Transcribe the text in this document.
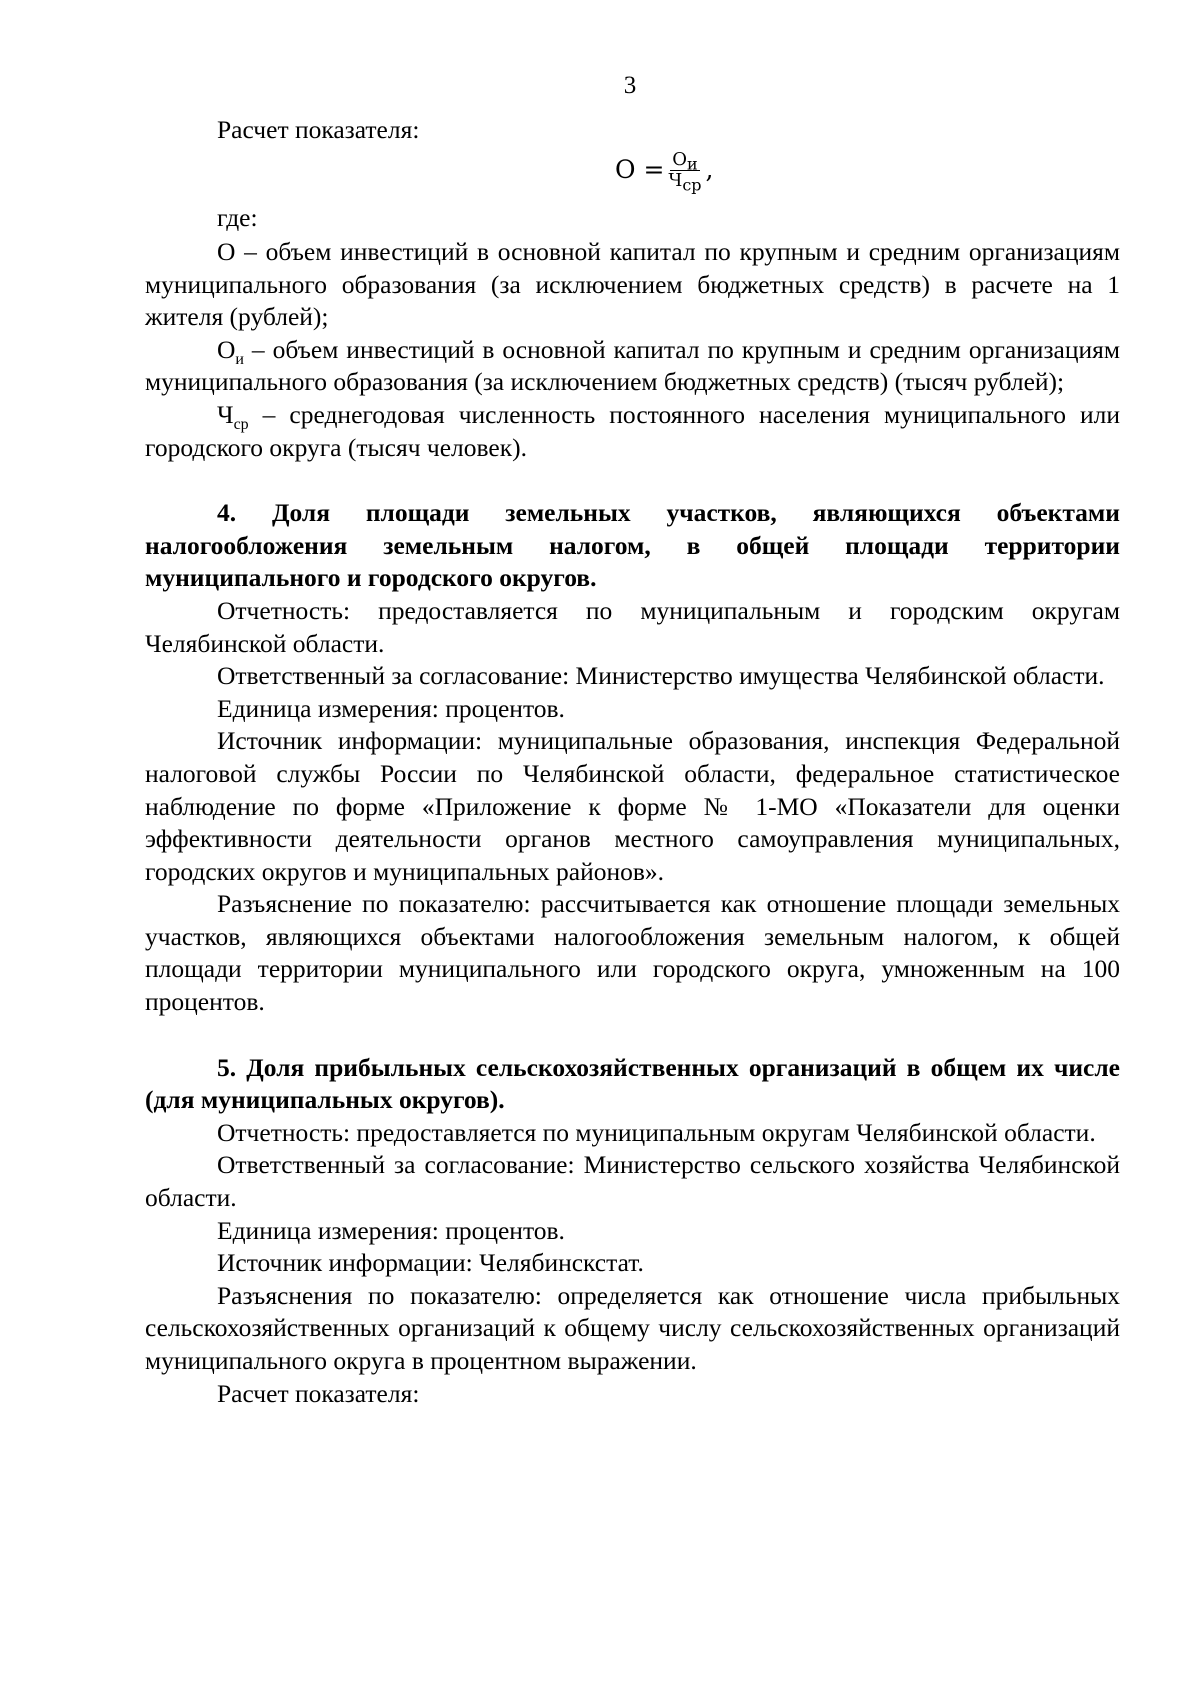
3
Расчет показателя:
$О = \frac{О_и}{Ч_{ср}}$ ,

где:

О – объем инвестиций в основной капитал по крупным и средним организациям муниципального образования (за исключением бюджетных средств) в расчете на 1 жителя (рублей);

$О_и$ – объем инвестиций в основной капитал по крупным и средним организациям муниципального образования (за исключением бюджетных средств) (тысяч рублей);

$Ч_{ср}$ – среднегодовая численность постоянного населения муниципального или городского округа (тысяч человек).

4. Доля площади земельных участков, являющихся объектами налогообложения земельным налогом, в общей площади территории муниципального и городского округов.

Отчетность: предоставляется по муниципальным и городским округам Челябинской области.

Ответственный за согласование: Министерство имущества Челябинской области.

Единица измерения: процентов.

Источник информации: муниципальные образования, инспекция Федеральной налоговой службы России по Челябинской области, федеральное статистическое наблюдение по форме «Приложение к форме № 1-МО «Показатели для оценки эффективности деятельности органов местного самоуправления муниципальных, городских округов и муниципальных районов».

Разъяснение по показателю: рассчитывается как отношение площади земельных участков, являющихся объектами налогообложения земельным налогом, к общей площади территории муниципального или городского округа, умноженным на 100 процентов.

5. Доля прибыльных сельскохозяйственных организаций в общем их числе (для муниципальных округов).

Отчетность: предоставляется по муниципальным округам Челябинской области.

Ответственный за согласование: Министерство сельского хозяйства Челябинской области.

Единица измерения: процентов.

Источник информации: Челябинскстат.

Разъяснения по показателю: определяется как отношение числа прибыльных сельскохозяйственных организаций к общему числу сельскохозяйственных организаций муниципального округа в процентном выражении.

Расчет показателя:
